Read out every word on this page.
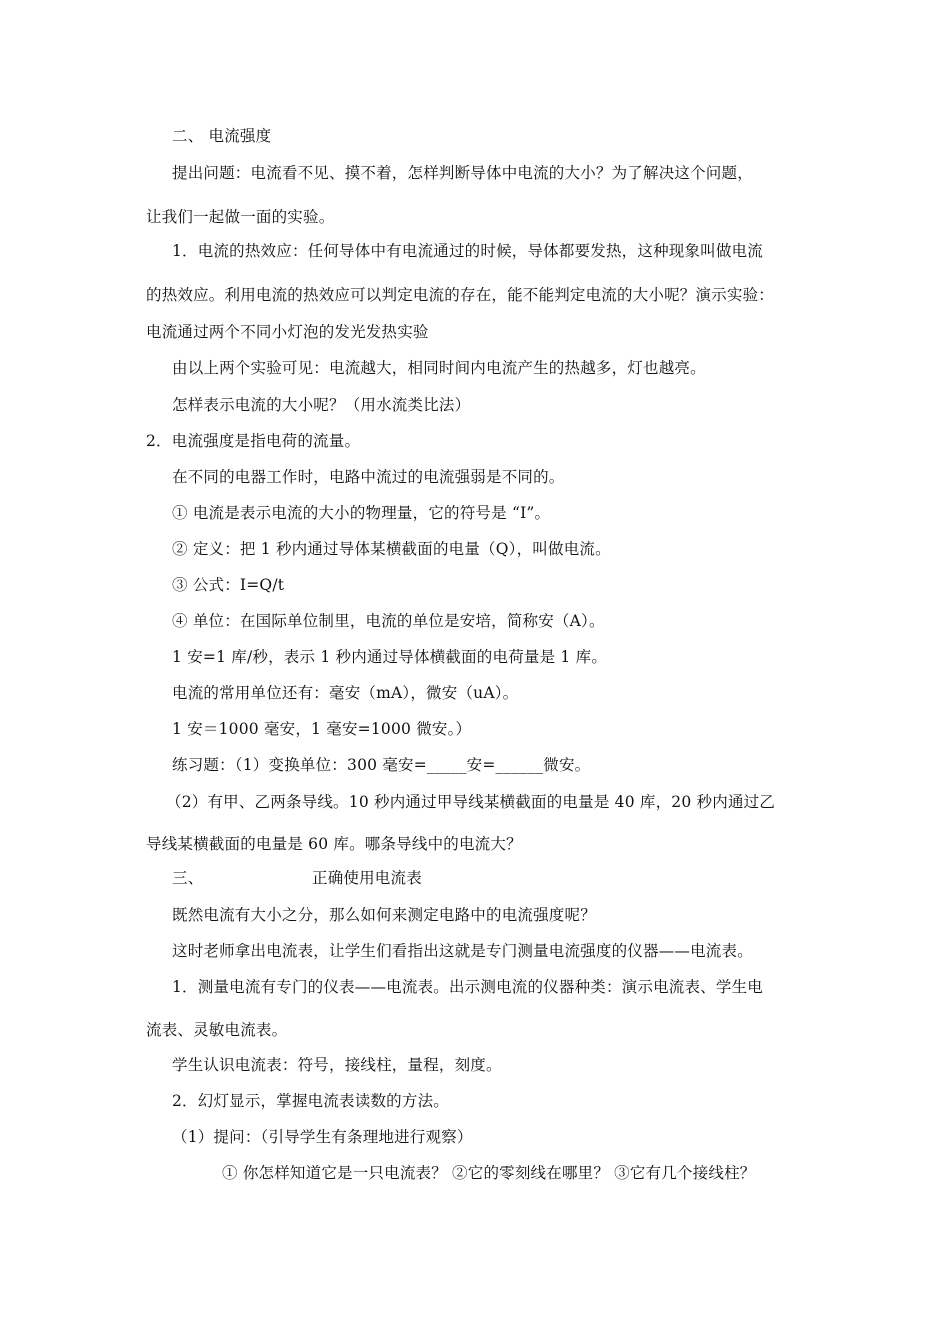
二、 电流强度
提出问题：电流看不见、摸不着，怎样判断导体中电流的大小？为了解决这个问题，
让我们一起做一面的实验。
1．电流的热效应：任何导体中有电流通过的时候，导体都要发热，这种现象叫做电流
的热效应。利用电流的热效应可以判定电流的存在，能不能判定电流的大小呢？演示实验：
电流通过两个不同小灯泡的发光发热实验
由以上两个实验可见：电流越大，相同时间内电流产生的热越多，灯也越亮。
怎样表示电流的大小呢？（用水流类比法）
2．电流强度是指电荷的流量。
在不同的电器工作时，电路中流过的电流强弱是不同的。
① 电流是表示电流的大小的物理量，它的符号是 “I”。
② 定义：把 1 秒内通过导体某横截面的电量（Q），叫做电流。
③ 公式：I=Q/t
④ 单位：在国际单位制里，电流的单位是安培，简称安（A）。
1 安=1 库/秒，表示 1 秒内通过导体横截面的电荷量是 1 库。
电流的常用单位还有：毫安（mA），微安（uA）。
1 安＝1000 毫安，1 毫安=1000 微安。）
练习题：（1）变换单位：300 毫安=_____安=______微安。
（2）有甲、乙两条导线。10 秒内通过甲导线某横截面的电量是 40 库，20 秒内通过乙
导线某横截面的电量是 60 库。哪条导线中的电流大？
三、	正确使用电流表
既然电流有大小之分，那么如何来测定电路中的电流强度呢？
这时老师拿出电流表，让学生们看指出这就是专门测量电流强度的仪器——电流表。
1．测量电流有专门的仪表——电流表。出示测电流的仪器种类：演示电流表、学生电
流表、灵敏电流表。
学生认识电流表：符号，接线柱，量程，刻度。
2．幻灯显示，掌握电流表读数的方法。
（1）提问：（引导学生有条理地进行观察）
① 你怎样知道它是一只电流表？ ②它的零刻线在哪里？ ③它有几个接线柱？
